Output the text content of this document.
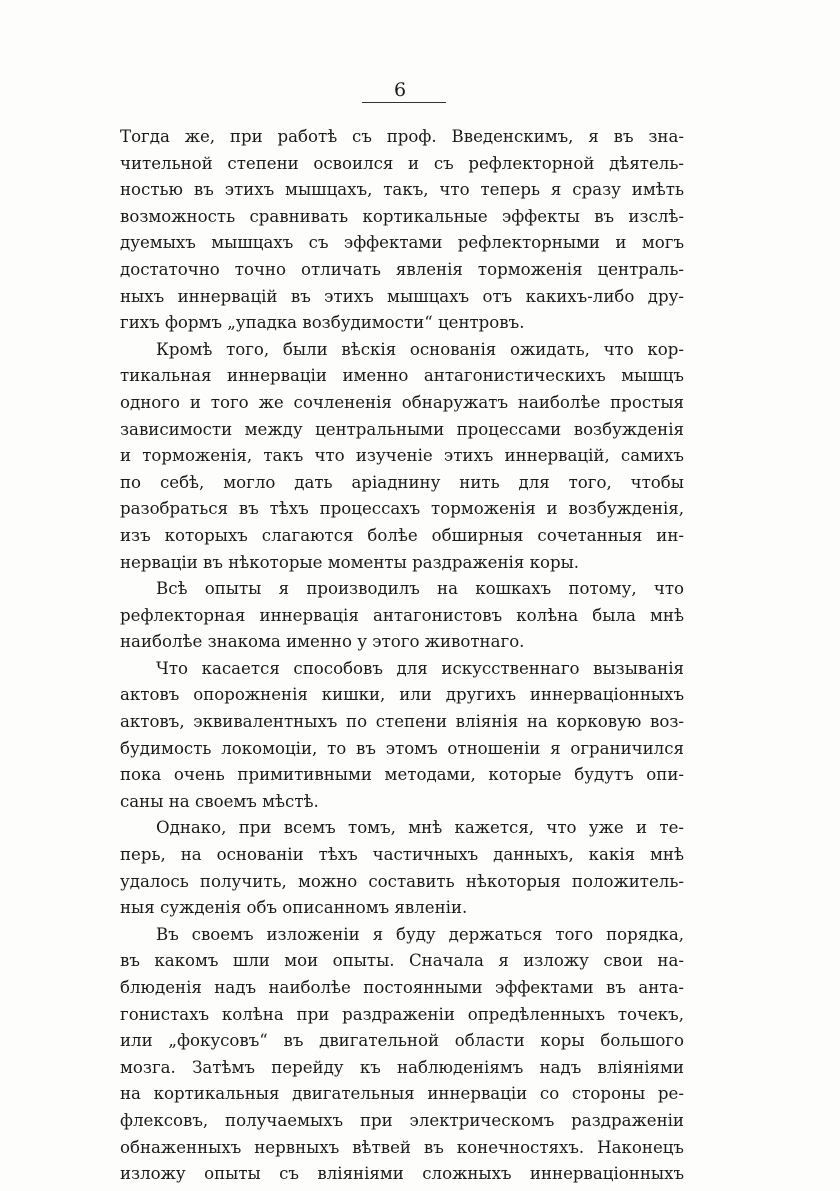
6
Тогда же, при работѣ съ проф. Введенскимъ, я въ зна-
чительной степени освоился и съ рефлекторной дѣятель-
ностью въ этихъ мышцахъ, такъ, что теперь я сразу имѣть
возможность сравнивать кортикальные эффекты въ изслѣ-
дуемыхъ мышцахъ съ эффектами рефлекторными и могъ
достаточно точно отличать явленія торможенія централь-
ныхъ иннервацій въ этихъ мышцахъ отъ какихъ-либо дру-
гихъ формъ „упадка возбудимости“ центровъ.
Кромѣ того, были вѣскія основанія ожидать, что кор-
тикальная иннерваціи именно антагонистическихъ мышцъ
одного и того же сочлененія обнаружатъ наиболѣе простыя
зависимости между центральными процессами возбужденія
и торможенія, такъ что изученіе этихъ иннервацій, самихъ
по себѣ, могло дать аріаднину нить для того, чтобы
разобраться въ тѣхъ процессахъ торможенія и возбужденія,
изъ которыхъ слагаются болѣе обширныя сочетанныя ин-
нерваціи въ нѣкоторые моменты раздраженія коры.
Всѣ опыты я производилъ на кошкахъ потому, что
рефлекторная иннервація антагонистовъ колѣна была мнѣ
наиболѣе знакома именно у этого животнаго.
Что касается способовъ для искусственнаго вызыванія
актовъ опорожненія кишки, или другихъ иннерваціонныхъ
актовъ, эквивалентныхъ по степени вліянія на корковую воз-
будимость локомоціи, то въ этомъ отношеніи я ограничился
пока очень примитивными методами, которые будутъ опи-
саны на своемъ мѣстѣ.
Однако, при всемъ томъ, мнѣ кажется, что уже и те-
перь, на основаніи тѣхъ частичныхъ данныхъ, какія мнѣ
удалось получить, можно составить нѣкоторыя положитель-
ныя сужденія объ описанномъ явленіи.
Въ своемъ изложеніи я буду держаться того порядка,
въ какомъ шли мои опыты. Сначала я изложу свои на-
блюденія надъ наиболѣе постоянными эффектами въ анта-
гонистахъ колѣна при раздраженіи опредѣленныхъ точекъ,
или „фокусовъ“ въ двигательной области коры большого
мозга. Затѣмъ перейду къ наблюденіямъ надъ вліяніями
на кортикальныя двигательныя иннерваціи со стороны ре-
флексовъ, получаемыхъ при электрическомъ раздраженіи
обнаженныхъ нервныхъ вѣтвей въ конечностяхъ. Наконецъ
изложу опыты съ вліяніями сложныхъ иннерваціонныхъ
